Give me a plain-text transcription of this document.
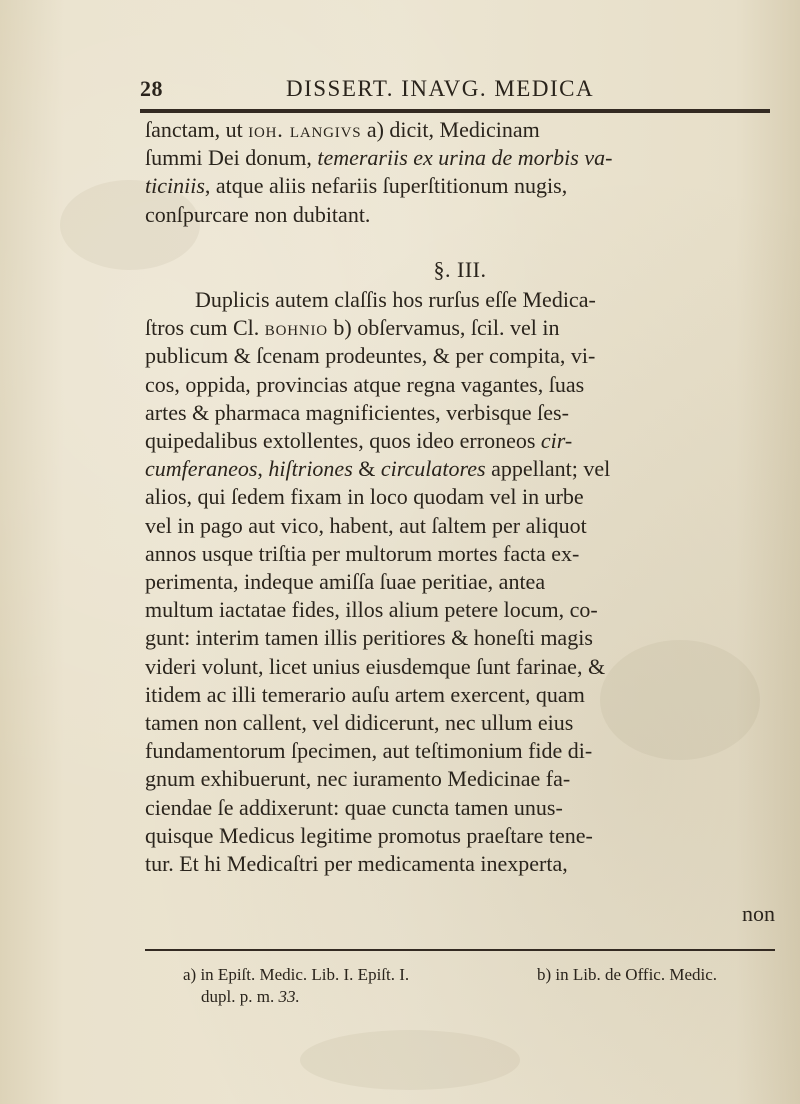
28	DISSERT. INAVG. MEDICA

ſanctam, ut ioh. langivs a) dicit, Medicinam

ſummi Dei donum, temerariis ex urina de morbis va-

ticiniis, atque aliis nefariis ſuperſtitionum nugis,

conſpurcare non dubitant.

§. III.
Duplicis autem claſſis hos rurſus eſſe Medica-
ſtros cum Cl. bohnio b) obſervamus, ſcil. vel in
publicum & ſcenam prodeuntes, & per compita, vi-
cos, oppida, provincias atque regna vagantes, ſuas
artes & pharmaca magnificientes, verbisque ſes-
quipedalibus extollentes, quos ideo erroneos cir-
cumferaneos, hiſtriones & circulatores appellant; vel
alios, qui ſedem fixam in loco quodam vel in urbe
vel in pago aut vico, habent, aut ſaltem per aliquot
annos usque triſtia per multorum mortes facta ex-
perimenta, indeque amiſſa ſuae peritiae, antea
multum iactatae fides, illos alium petere locum, co-
gunt: interim tamen illis peritiores & honeſti magis
videri volunt, licet unius eiusdemque ſunt farinae, &
itidem ac illi temerario auſu artem exercent, quam
tamen non callent, vel didicerunt, nec ullum eius
fundamentorum ſpecimen, aut teſtimonium fide di-
gnum exhibuerunt, nec iuramento Medicinae fa-
ciendae ſe addixerunt: quae cuncta tamen unus-
quisque Medicus legitime promotus praeſtare tene-
tur. Et hi Medicaſtri per medicamenta inexperta,
non
a) in Epiſt. Medic. Lib. I. Epiſt. I.
dupl. p. m. 33.
b) in Lib. de Offic. Medic.
